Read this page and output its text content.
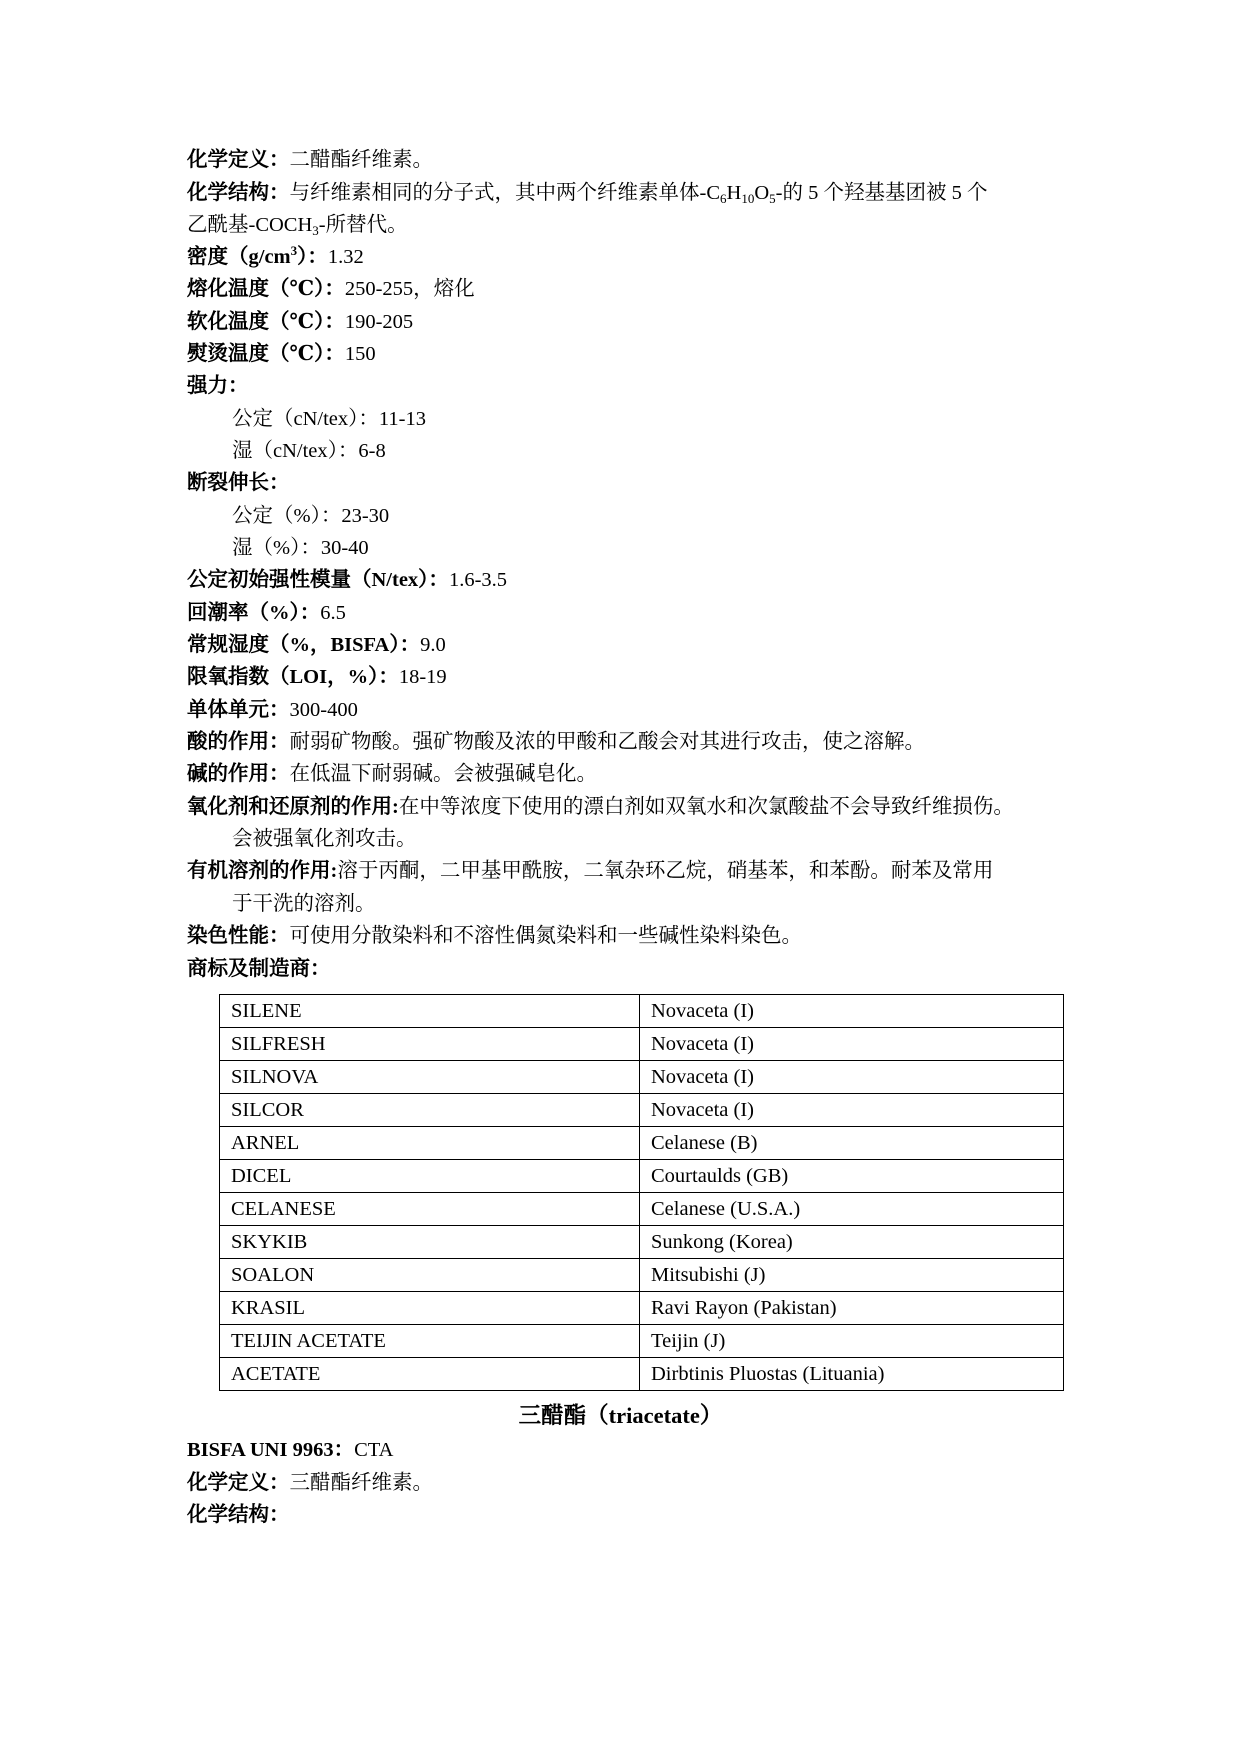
化学定义：二醋酯纤维素。
化学结构：与纤维素相同的分子式，其中两个纤维素单体$-C_6H_{10}O_5-$的 5 个羟基基团被 5 个
乙酰基$-COCH_3-$所替代。
密度$(g/cm^3)$：1.32
熔化温度（℃）：250-255，熔化
软化温度（℃）：190-205
熨烫温度（℃）：150
强力：
公定（cN/tex）：11-13
湿（cN/tex）：6-8
断裂伸长：
公定（%）：23-30
湿（%）：30-40
公定初始强性模量（N/tex）：1.6-3.5
回潮率（%）：6.5
常规湿度（%，BISFA）：9.0
限氧指数（LOI，%）：18-19
单体单元：300-400
酸的作用：耐弱矿物酸。强矿物酸及浓的甲酸和乙酸会对其进行攻击，使之溶解。
碱的作用：在低温下耐弱碱。会被强碱皂化。
氧化剂和还原剂的作用:在中等浓度下使用的漂白剂如双氧水和次氯酸盐不会导致纤维损伤。
会被强氧化剂攻击。
有机溶剂的作用:溶于丙酮，二甲基甲酰胺，二氧杂环乙烷，硝基苯，和苯酚。耐苯及常用
于干洗的溶剂。
染色性能：可使用分散染料和不溶性偶氮染料和一些碱性染料染色。
商标及制造商：
SILENE	Novaceta (I)
SILFRESH	Novaceta (I)
SILNOVA	Novaceta (I)
SILCOR	Novaceta (I)
ARNEL	Celanese (B)
DICEL	Courtaulds (GB)
CELANESE	Celanese (U.S.A.)
SKYKIB	Sunkong (Korea)
SOALON	Mitsubishi (J)
KRASIL	Ravi Rayon (Pakistan)
TEIJIN ACETATE	Teijin (J)
ACETATE	Dirbtinis Pluostas (Lituania)
三醋酯（triacetate）
BISFA UNI 9963：CTA
化学定义：三醋酯纤维素。
化学结构：
